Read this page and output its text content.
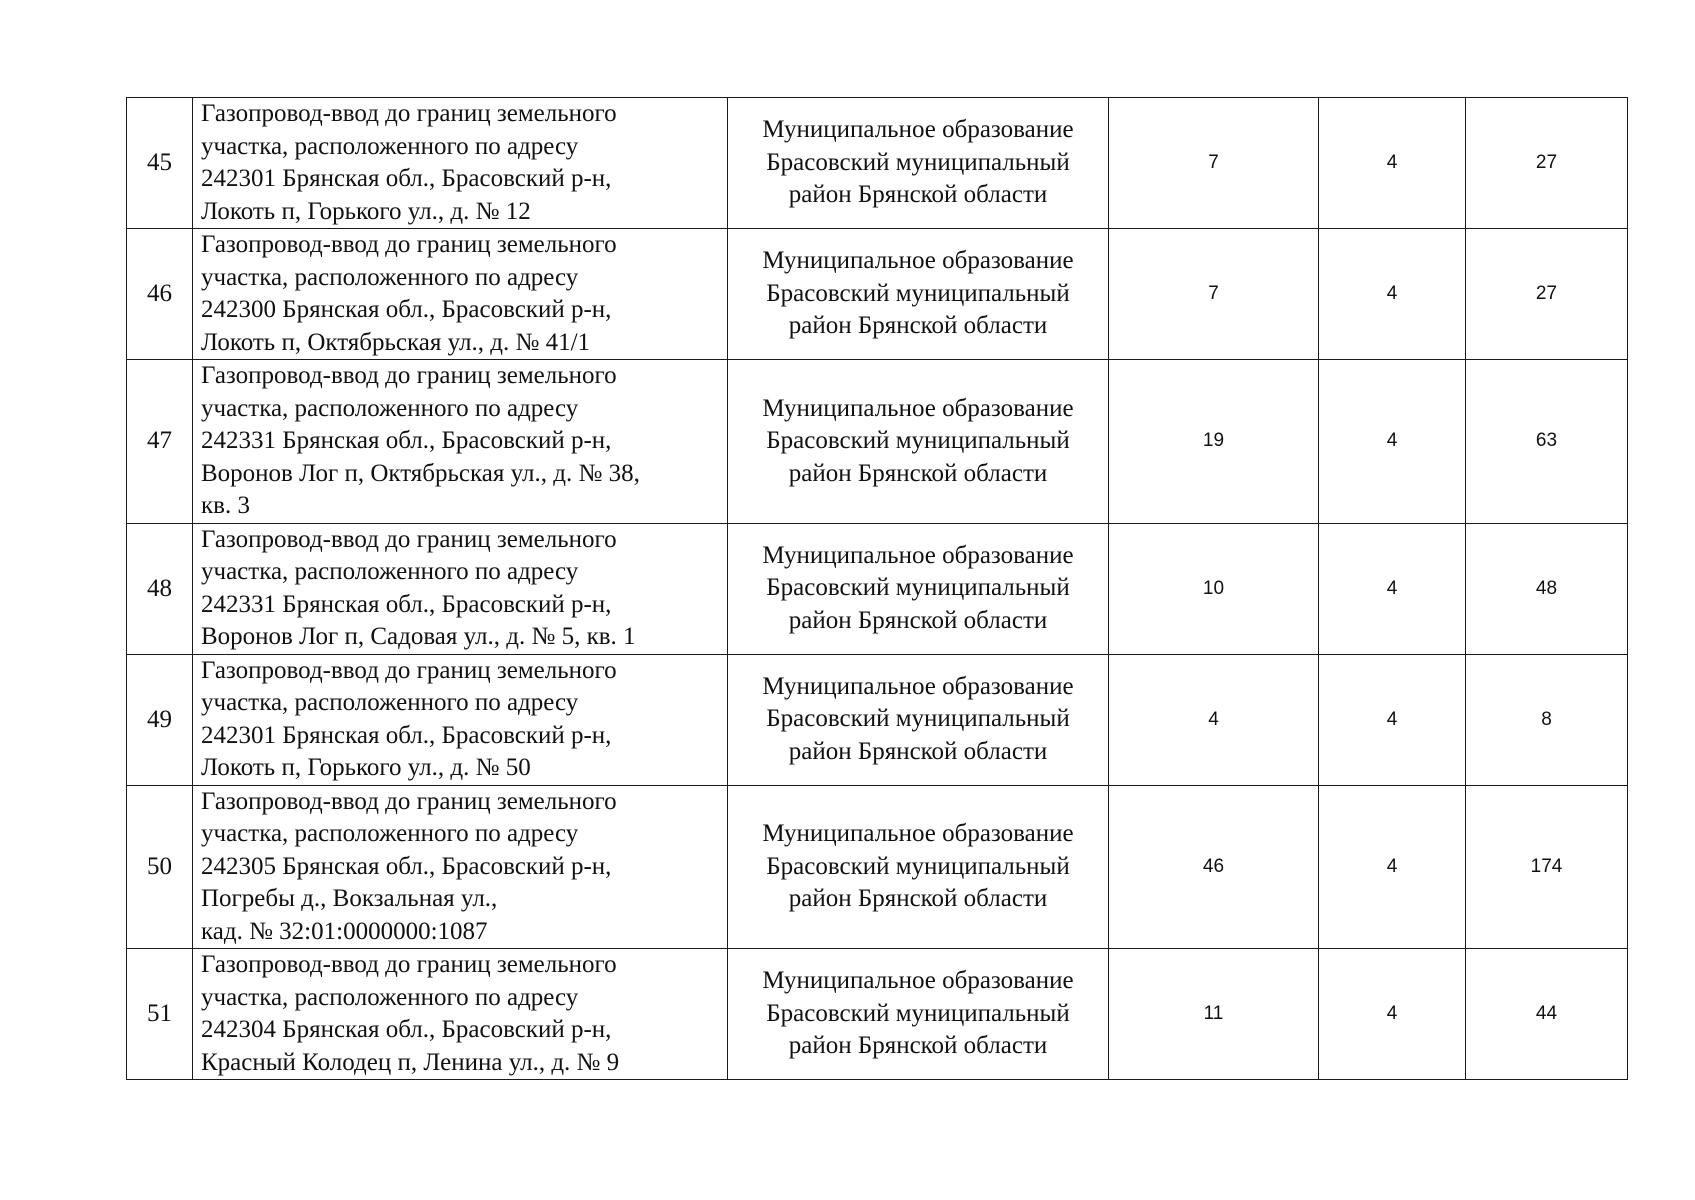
45	Газопровод-ввод до границ земельного
участка, расположенного по адресу
242301 Брянская обл., Брасовский р-н,
Локоть п, Горького ул., д. № 12	Муниципальное образование
Брасовский муниципальный
район Брянской области	7	4	27
46	Газопровод-ввод до границ земельного
участка, расположенного по адресу
242300 Брянская обл., Брасовский р-н,
Локоть п, Октябрьская ул., д. № 41/1	Муниципальное образование
Брасовский муниципальный
район Брянской области	7	4	27
47	Газопровод-ввод до границ земельного
участка, расположенного по адресу
242331 Брянская обл., Брасовский р-н,
Воронов Лог п, Октябрьская ул., д. № 38,
кв. 3	Муниципальное образование
Брасовский муниципальный
район Брянской области	19	4	63
48	Газопровод-ввод до границ земельного
участка, расположенного по адресу
242331 Брянская обл., Брасовский р-н,
Воронов Лог п, Садовая ул., д. № 5, кв. 1	Муниципальное образование
Брасовский муниципальный
район Брянской области	10	4	48
49	Газопровод-ввод до границ земельного
участка, расположенного по адресу
242301 Брянская обл., Брасовский р-н,
Локоть п, Горького ул., д. № 50	Муниципальное образование
Брасовский муниципальный
район Брянской области	4	4	8
50	Газопровод-ввод до границ земельного
участка, расположенного по адресу
242305 Брянская обл., Брасовский р-н,
Погребы д., Вокзальная ул.,
кад. № 32:01:0000000:1087	Муниципальное образование
Брасовский муниципальный
район Брянской области	46	4	174
51	Газопровод-ввод до границ земельного
участка, расположенного по адресу
242304 Брянская обл., Брасовский р-н,
Красный Колодец п, Ленина ул., д. № 9	Муниципальное образование
Брасовский муниципальный
район Брянской области	11	4	44
